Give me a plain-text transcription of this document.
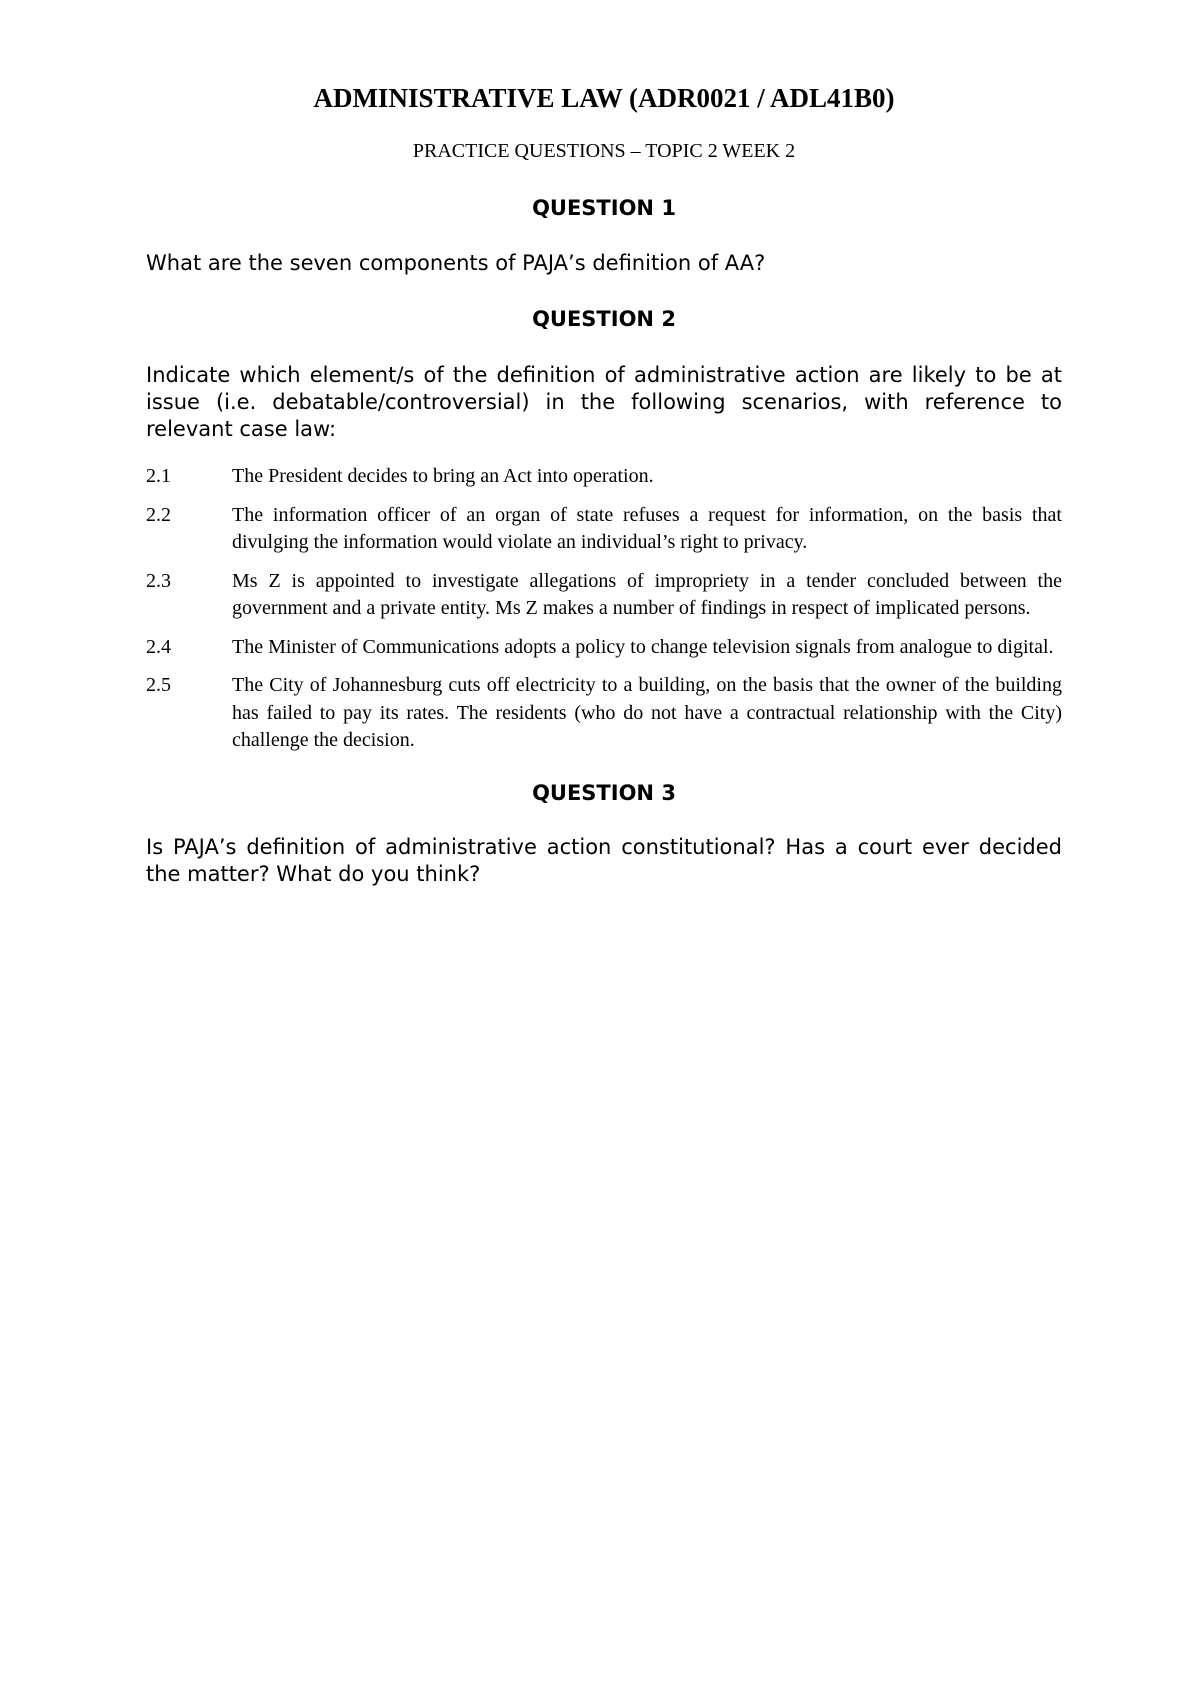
ADMINISTRATIVE LAW (ADR0021 / ADL41B0)

PRACTICE QUESTIONS – TOPIC 2 WEEK 2

QUESTION 1

What are the seven components of PAJA’s definition of AA?

QUESTION 2

Indicate which element/s of the definition of administrative action are likely to be at issue (i.e. debatable/controversial) in the following scenarios, with reference to relevant case law:

2.1	The President decides to bring an Act into operation.
2.2	The information officer of an organ of state refuses a request for information, on the basis that divulging the information would violate an individual’s right to privacy.
2.3	Ms Z is appointed to investigate allegations of impropriety in a tender concluded between the government and a private entity. Ms Z makes a number of findings in respect of implicated persons.
2.4	The Minister of Communications adopts a policy to change television signals from analogue to digital.
2.5	The City of Johannesburg cuts off electricity to a building, on the basis that the owner of the building has failed to pay its rates. The residents (who do not have a contractual relationship with the City) challenge the decision.
QUESTION 3

Is PAJA’s definition of administrative action constitutional? Has a court ever decided the matter? What do you think?
